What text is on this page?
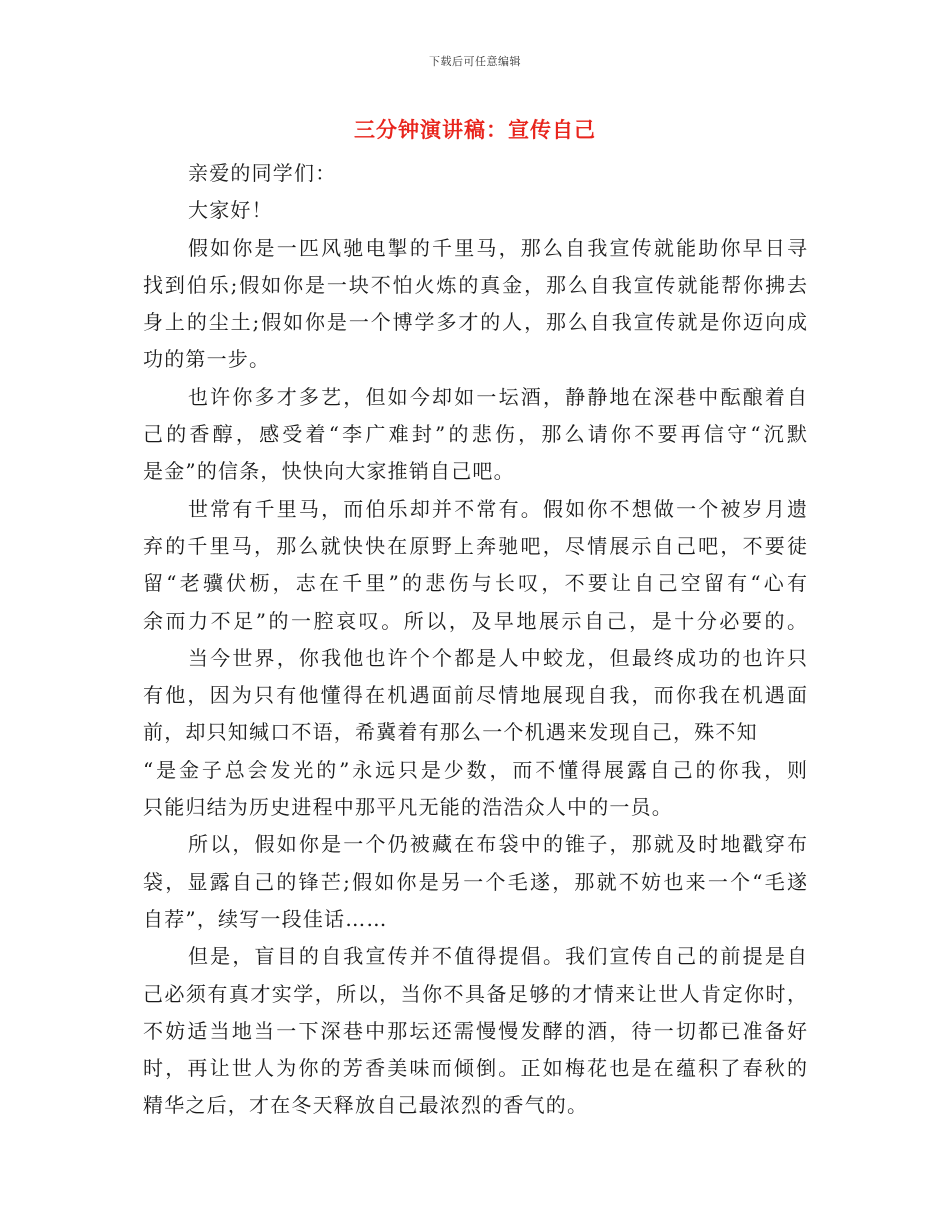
下载后可任意编辑
三分钟演讲稿：宣传自己
亲爱的同学们：
大家好！
假如你是一匹风驰电掣的千里马，那么自我宣传就能助你早日寻
找到伯乐;假如你是一块不怕火炼的真金，那么自我宣传就能帮你拂去
身上的尘土;假如你是一个博学多才的人，那么自我宣传就是你迈向成
功的第一步。
也许你多才多艺，但如今却如一坛酒，静静地在深巷中酝酿着自
己的香醇，感受着“李广难封”的悲伤，那么请你不要再信守“沉默
是金”的信条，快快向大家推销自己吧。
世常有千里马，而伯乐却并不常有。假如你不想做一个被岁月遗
弃的千里马，那么就快快在原野上奔驰吧，尽情展示自己吧，不要徒
留“老骥伏枥，志在千里”的悲伤与长叹，不要让自己空留有“心有
余而力不足”的一腔哀叹。所以，及早地展示自己，是十分必要的。
当今世界，你我他也许个个都是人中蛟龙，但最终成功的也许只
有他，因为只有他懂得在机遇面前尽情地展现自我，而你我在机遇面
前，却只知缄口不语，希冀着有那么一个机遇来发现自己，殊不知
“是金子总会发光的”永远只是少数，而不懂得展露自己的你我，则
只能归结为历史进程中那平凡无能的浩浩众人中的一员。
所以，假如你是一个仍被藏在布袋中的锥子，那就及时地戳穿布
袋，显露自己的锋芒;假如你是另一个毛遂，那就不妨也来一个“毛遂
自荐”，续写一段佳话……
但是，盲目的自我宣传并不值得提倡。我们宣传自己的前提是自
己必须有真才实学，所以，当你不具备足够的才情来让世人肯定你时，
不妨适当地当一下深巷中那坛还需慢慢发酵的酒，待一切都已准备好
时，再让世人为你的芳香美味而倾倒。正如梅花也是在蕴积了春秋的
精华之后，才在冬天释放自己最浓烈的香气的。
